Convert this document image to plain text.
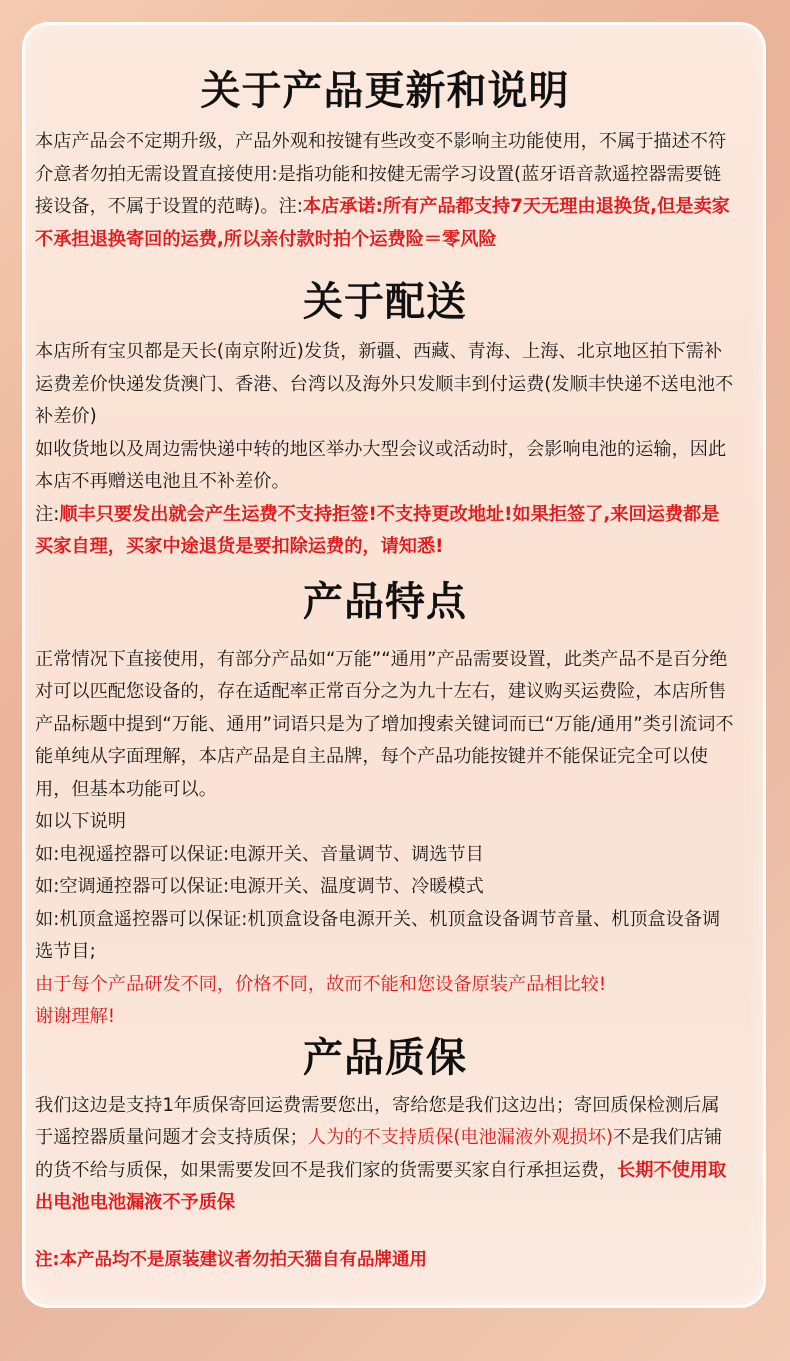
关于产品更新和说明

本店产品会不定期升级，产品外观和按键有些改变不影响主功能使用，不属于描述不符介意者勿拍无需设置直接使用:是指功能和按健无需学习设置(蓝牙语音款遥控器需要链接设备，不属于设置的范畴)。注:本店承诺:所有产品都支持7天无理由退换货,但是卖家不承担退换寄回的运费,所以亲付款时拍个运费险＝零风险

关于配送

本店所有宝贝都是天长(南京附近)发货，新疆、西藏、青海、上海、北京地区拍下需补运费差价快递发货澳门、香港、台湾以及海外只发顺丰到付运费(发顺丰快递不送电池不补差价)

如收货地以及周边需快递中转的地区举办大型会议或活动时，会影响电池的运输，因此本店不再赠送电池且不补差价。

注:顺丰只要发出就会产生运费不支持拒签!不支持更改地址!如果拒签了,来回运费都是买家自理，买家中途退货是要扣除运费的，请知悉!

产品特点

正常情况下直接使用，有部分产品如“万能”“通用”产品需要设置，此类产品不是百分绝对可以匹配您设备的，存在适配率正常百分之为九十左右，建议购买运费险，本店所售产品标题中提到“万能、通用”词语只是为了增加搜索关键词而已“万能/通用”类引流词不能单纯从字面理解，本店产品是自主品牌，每个产品功能按键并不能保证完全可以使用，但基本功能可以。

如以下说明

如:电视遥控器可以保证:电源开关、音量调节、调选节目

如:空调通控器可以保证:电源开关、温度调节、冷暖模式

如:机顶盒遥控器可以保证:机顶盒设备电源开关、机顶盒设备调节音量、机顶盒设备调选节目;

由于每个产品研发不同，价格不同，故而不能和您设备原装产品相比较!

谢谢理解!

产品质保

我们这边是支持1年质保寄回运费需要您出，寄给您是我们这边出；寄回质保检测后属于遥控器质量问题才会支持质保；人为的不支持质保(电池漏液外观损坏)不是我们店铺的货不给与质保，如果需要发回不是我们家的货需要买家自行承担运费，长期不使用取出电池电池漏液不予质保

注:本产品均不是原装建议者勿拍天猫自有品牌通用
